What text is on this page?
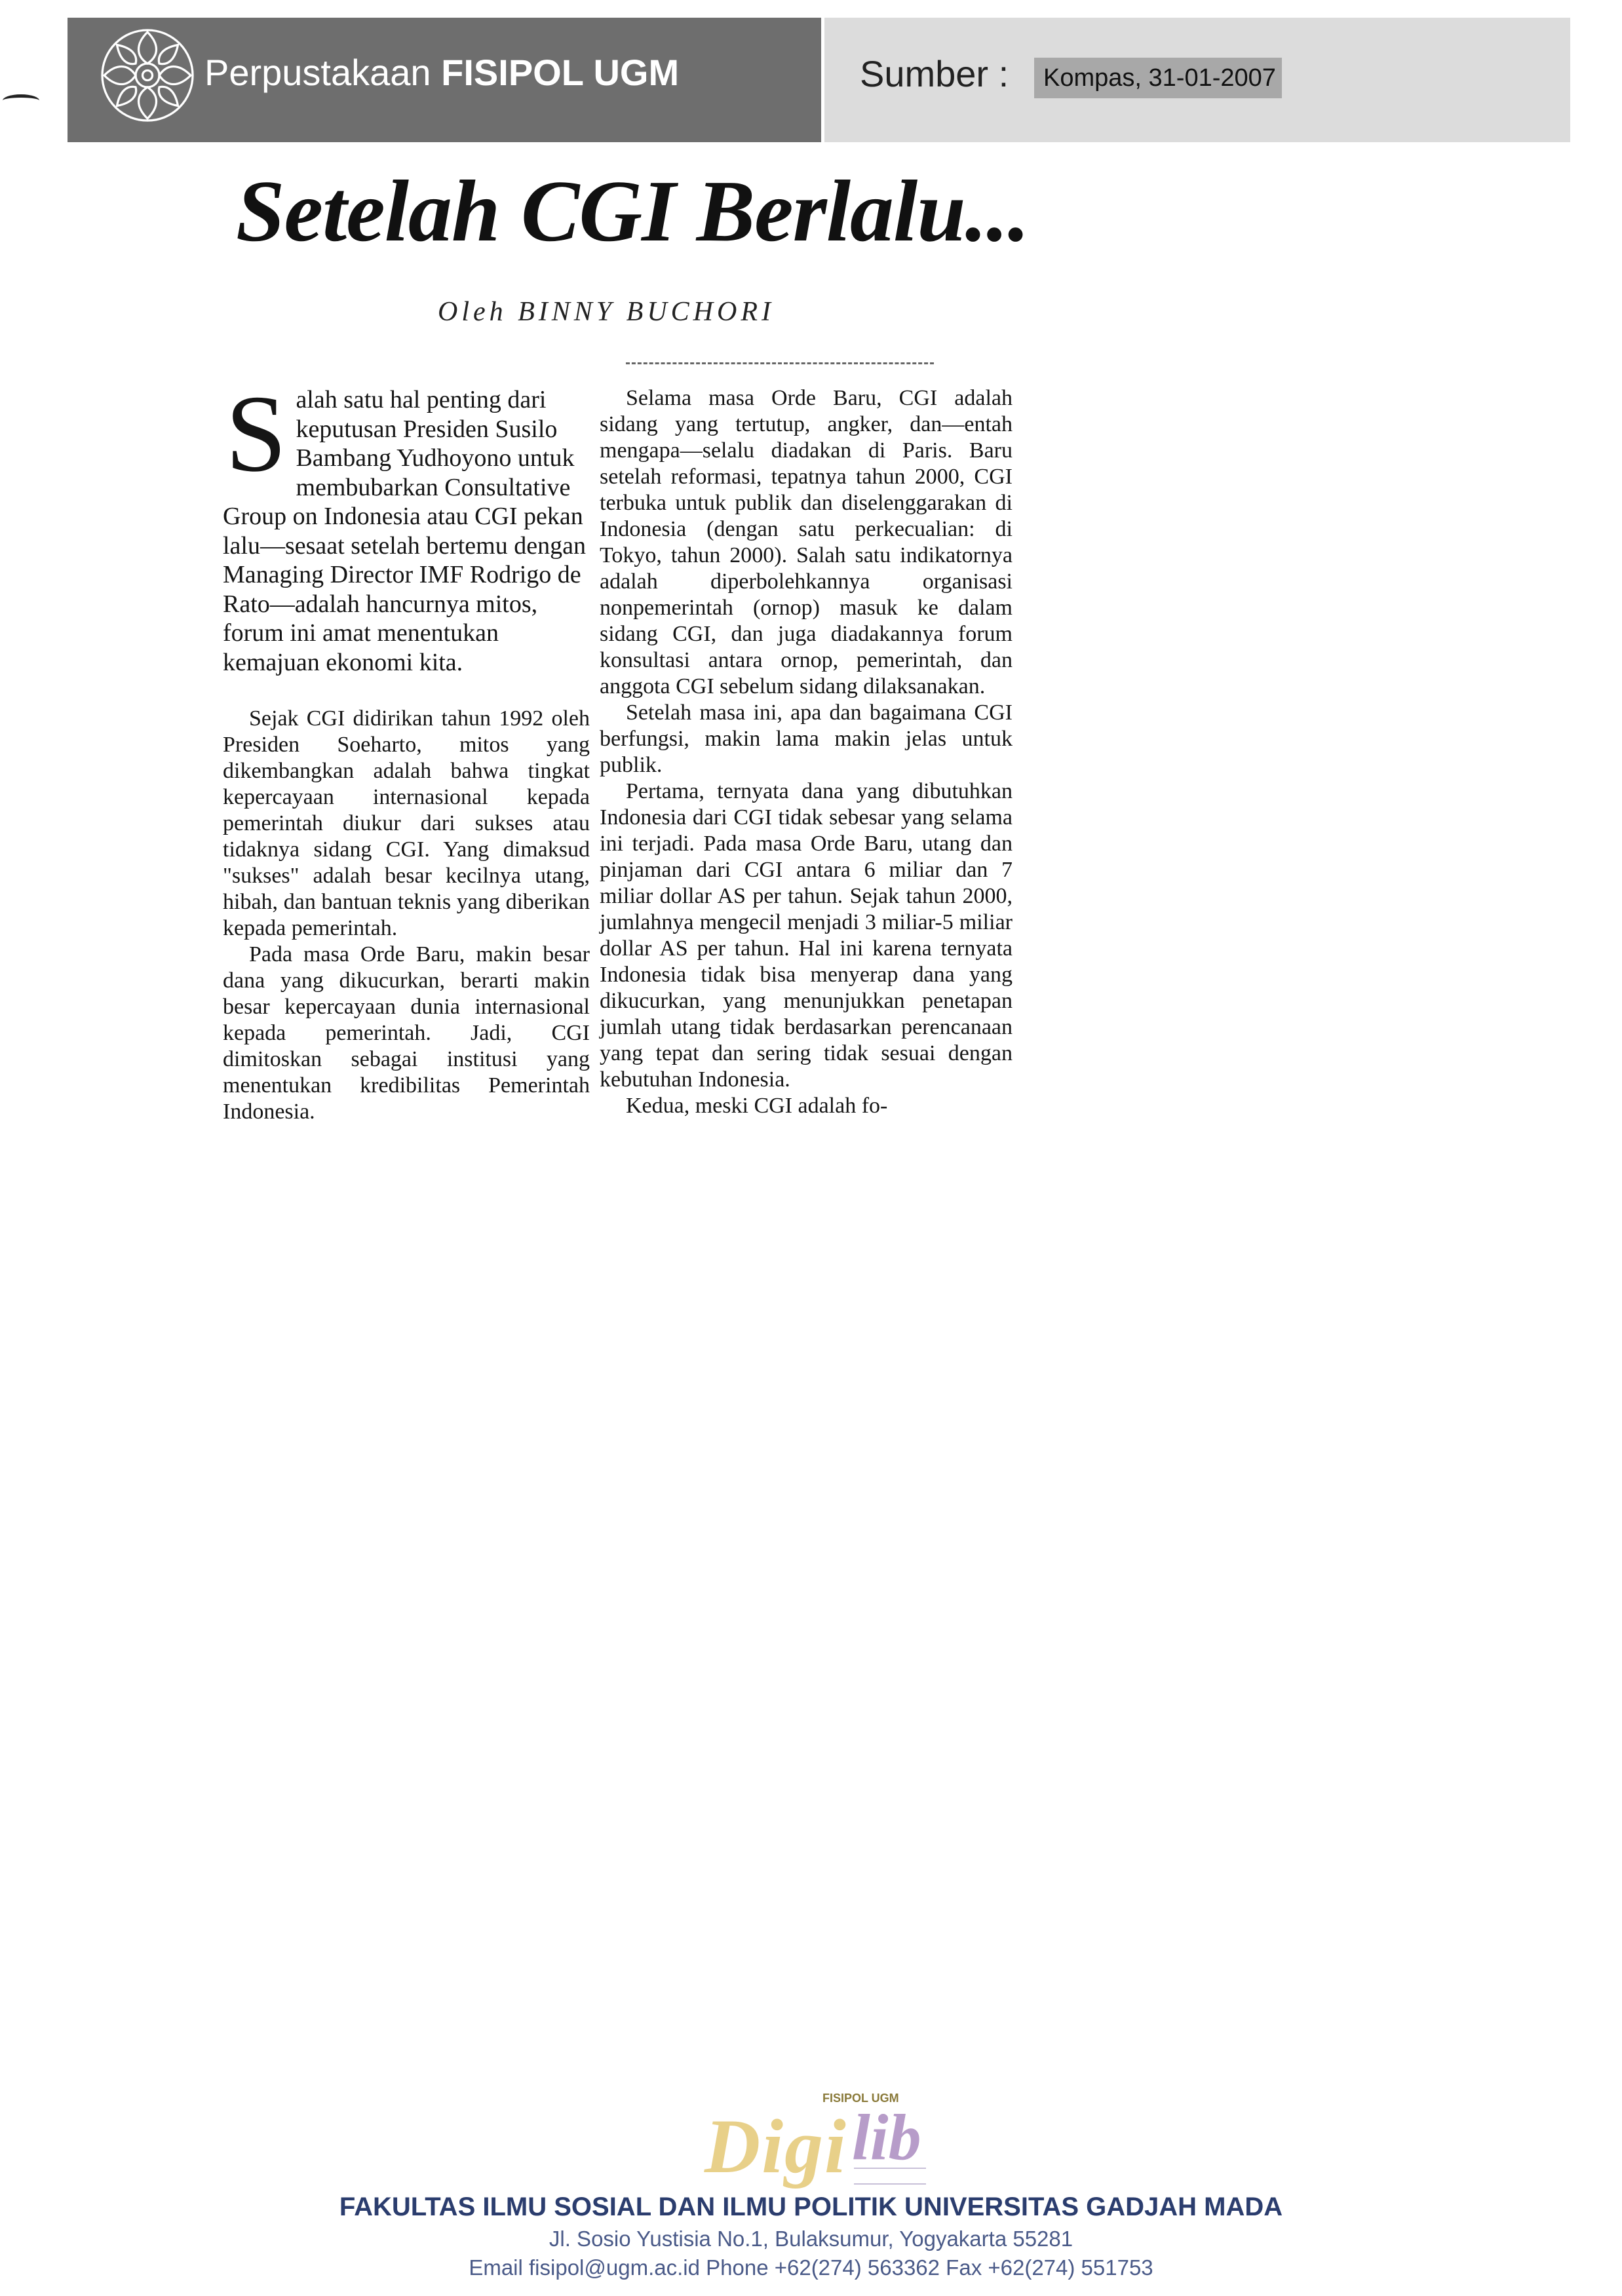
Perpustakaan FISIPOL UGM	Sumber :	Kompas, 31-01-2007
Setelah CGI Berlalu...
Oleh BINNY BUCHORI

Salah satu hal penting dari keputusan Presiden Susilo Bambang Yudhoyono untuk membubarkan Consultative Group on Indonesia atau CGI pekan lalu—sesaat setelah bertemu dengan Managing Director IMF Rodrigo de Rato—adalah hancurnya mitos, forum ini amat menentukan kemajuan ekonomi kita.

Sejak CGI didirikan tahun 1992 oleh Presiden Soeharto, mitos yang dikembangkan adalah bahwa tingkat kepercayaan internasional kepada pemerintah diukur dari sukses atau tidaknya sidang CGI. Yang dimaksud "sukses" adalah besar kecilnya utang, hibah, dan bantuan teknis yang diberikan kepada pemerintah.

Pada masa Orde Baru, makin besar dana yang dikucurkan, berarti makin besar kepercayaan dunia internasional kepada pemerintah. Jadi, CGI dimitoskan sebagai institusi yang menentukan kredibilitas Pemerintah Indonesia.

Selama masa Orde Baru, CGI adalah sidang yang tertutup, angker, dan—entah mengapa—selalu diadakan di Paris. Baru setelah reformasi, tepatnya tahun 2000, CGI terbuka untuk publik dan diselenggarakan di Indonesia (dengan satu perkecualian: di Tokyo, tahun 2000). Salah satu indikatornya adalah diperbolehkannya organisasi nonpemerintah (ornop) masuk ke dalam sidang CGI, dan juga diadakannya forum konsultasi antara ornop, pemerintah, dan anggota CGI sebelum sidang dilaksanakan.

Setelah masa ini, apa dan bagaimana CGI berfungsi, makin lama makin jelas untuk publik.

Pertama, ternyata dana yang dibutuhkan Indonesia dari CGI tidak sebesar yang selama ini terjadi. Pada masa Orde Baru, utang dan pinjaman dari CGI antara 6 miliar dan 7 miliar dollar AS per tahun. Sejak tahun 2000, jumlahnya mengecil menjadi 3 miliar-5 miliar dollar AS per tahun. Hal ini karena ternyata Indonesia tidak bisa menyerap dana yang dikucurkan, yang menunjukkan penetapan jumlah utang tidak berdasarkan perencanaan yang tepat dan sering tidak sesuai dengan kebutuhan Indonesia.

Kedua, meski CGI adalah fo-

FISIPOL UGM
Digi lib
FAKULTAS ILMU SOSIAL DAN ILMU POLITIK UNIVERSITAS GADJAH MADA
Jl. Sosio Yustisia No.1, Bulaksumur, Yogyakarta 55281
Email fisipol@ugm.ac.id Phone +62(274) 563362 Fax +62(274) 551753
